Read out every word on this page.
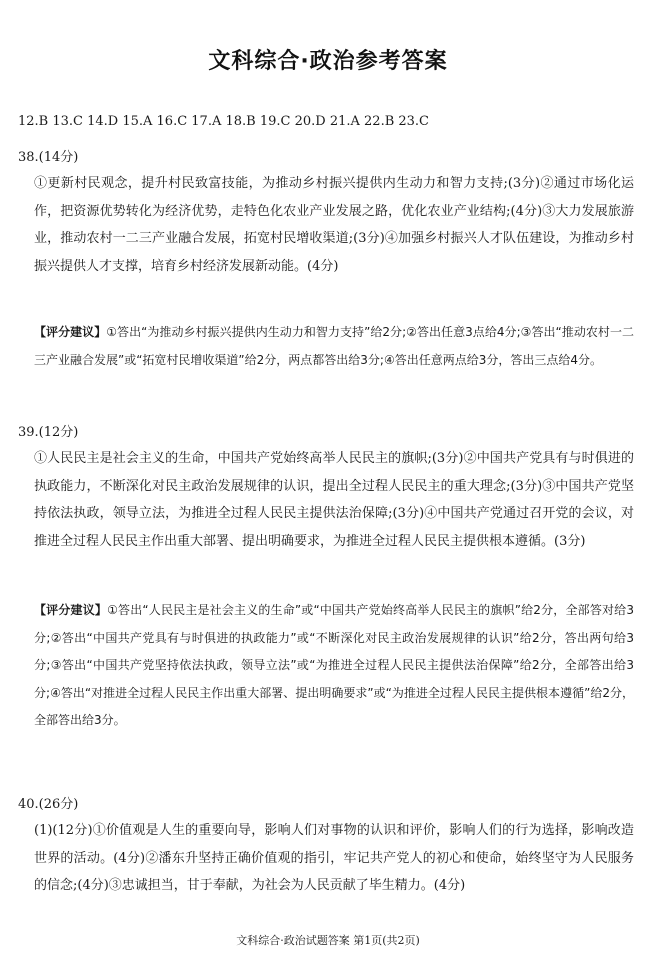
文科综合·政治参考答案
12.B 13.C 14.D 15.A 16.C 17.A 18.B 19.C 20.D 21.A 22.B 23.C
38.(14分)
①更新村民观念，提升村民致富技能，为推动乡村振兴提供内生动力和智力支持;(3分)②通过市场化运作，把资源优势转化为经济优势，走特色化农业产业发展之路，优化农业产业结构;(4分)③大力发展旅游业，推动农村一二三产业融合发展，拓宽村民增收渠道;(3分)④加强乡村振兴人才队伍建设，为推动乡村振兴提供人才支撑，培育乡村经济发展新动能。(4分)
【评分建议】①答出“为推动乡村振兴提供内生动力和智力支持”给2分;②答出任意3点给4分;③答出“推动农村一二三产业融合发展”或“拓宽村民增收渠道”给2分，两点都答出给3分;④答出任意两点给3分，答出三点给4分。
39.(12分)
①人民民主是社会主义的生命，中国共产党始终高举人民民主的旗帜;(3分)②中国共产党具有与时俱进的执政能力，不断深化对民主政治发展规律的认识，提出全过程人民民主的重大理念;(3分)③中国共产党坚持依法执政，领导立法，为推进全过程人民民主提供法治保障;(3分)④中国共产党通过召开党的会议，对推进全过程人民民主作出重大部署、提出明确要求，为推进全过程人民民主提供根本遵循。(3分)
【评分建议】①答出“人民民主是社会主义的生命”或“中国共产党始终高举人民民主的旗帜”给2分，全部答对给3分;②答出“中国共产党具有与时俱进的执政能力”或“不断深化对民主政治发展规律的认识”给2分，答出两句给3分;③答出“中国共产党坚持依法执政，领导立法”或“为推进全过程人民民主提供法治保障”给2分，全部答出给3分;④答出“对推进全过程人民民主作出重大部署、提出明确要求”或“为推进全过程人民民主提供根本遵循”给2分，全部答出给3分。
40.(26分)
(1)(12分)①价值观是人生的重要向导，影响人们对事物的认识和评价，影响人们的行为选择，影响改造世界的活动。(4分)②潘东升坚持正确价值观的指引，牢记共产党人的初心和使命，始终坚守为人民服务的信念;(4分)③忠诚担当，甘于奉献，为社会为人民贡献了毕生精力。(4分)
文科综合·政治试题答案 第1页(共2页)
